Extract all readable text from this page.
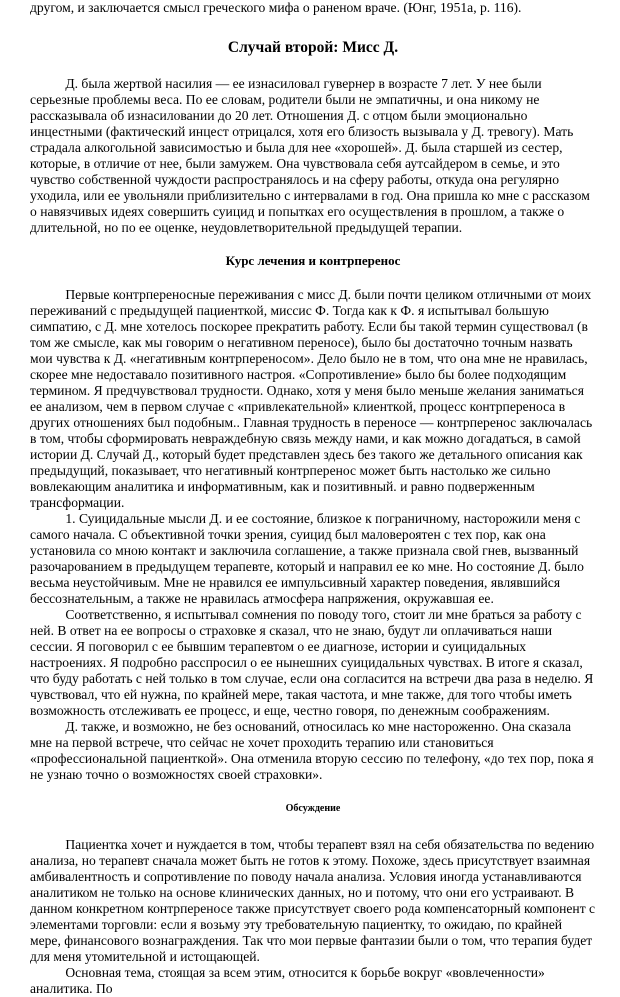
другом, и заключается смысл греческого мифа о раненом враче. (Юнг, 1951а, р. 116).

Случай второй: Мисс Д.

Д. была жертвой насилия — ее изнасиловал гувернер в возрасте 7 лет. У нее были серьезные проблемы веса. По ее словам, родители были не эмпатичны, и она никому не рассказывала об изнасиловании до 20 лет. Отношения Д. с отцом были эмоционально инцестными (фактический инцест отрицался, хотя его близость вызывала у Д. тревогу). Мать страдала алкогольной зависимостью и была для нее «хорошей». Д. была старшей из сестер, которые, в отличие от нее, были замужем. Она чувствовала себя аутсайдером в семье, и это чувство собственной чуждости распространялось и на сферу работы, откуда она регулярно уходила, или ее увольняли приблизительно с интервалами в год. Она пришла ко мне с рассказом о навязчивых идеях совершить суицид и попытках его осуществления в прошлом, а также о длительной, но по ее оценке, неудовлетворительной предыдущей терапии.

Курс лечения и контрперенос

Первые контрпереносные переживания с мисс Д. были почти целиком отличными от моих переживаний с предыдущей пациенткой, миссис Ф. Тогда как к Ф. я испытывал большую симпатию, с Д. мне хотелось поскорее прекратить работу. Если бы такой термин существовал (в том же смысле, как мы говорим о негативном переносе), было бы достаточно точным назвать мои чувства к Д. «негативным контрпереносом». Дело было не в том, что она мне не нравилась, скорее мне недоставало позитивного настроя. «Сопротивление» было бы более подходящим термином. Я предчувствовал трудности. Однако, хотя у меня было меньше желания заниматься ее анализом, чем в первом случае с «привлекательной» клиенткой, процесс контрпереноса в других отношениях был подобным.. Главная трудность в переносе — контрперенос заключалась в том, чтобы сформировать невраждебную связь между нами, и как можно догадаться, в самой истории Д. Случай Д., который будет представлен здесь без такого же детального описания как предыдущий, показывает, что негативный контрперенос может быть настолько же сильно вовлекающим аналитика и информативным, как и позитивный. и равно подверженным трансформации.

1. Суицидальные мысли Д. и ее состояние, близкое к пограничному, насторожили меня с самого начала. С объективной точки зрения, суицид был маловероятен с тех пор, как она установила со мною контакт и заключила соглашение, а также признала свой гнев, вызванный разочарованием в предыдущем терапевте, который и направил ее ко мне. Но состояние Д. было весьма неустойчивым. Мне не нравился ее импульсивный характер поведения, являвшийся бессознательным, а также не нравилась атмосфера напряжения, окружавшая ее.

Соответственно, я испытывал сомнения по поводу того, стоит ли мне браться за работу с ней. В ответ на ее вопросы о страховке я сказал, что не знаю, будут ли оплачиваться наши сессии. Я поговорил с ее бывшим терапевтом о ее диагнозе, истории и суицидальных настроениях. Я подробно расспросил о ее нынешних суицидальных чувствах. В итоге я сказал, что буду работать с ней только в том случае, если она согласится на встречи два раза в неделю. Я чувствовал, что ей нужна, по крайней мере, такая частота, и мне также, для того чтобы иметь возможность отслеживать ее процесс, и еще, честно говоря, по денежным соображениям.

Д. также, и возможно, не без оснований, относилась ко мне настороженно. Она сказала мне на первой встрече, что сейчас не хочет проходить терапию или становиться «профессиональной пациенткой». Она отменила вторую сессию по телефону, «до тех пор, пока я не узнаю точно о возможностях своей страховки».

Обсуждение

Пациентка хочет и нуждается в том, чтобы терапевт взял на себя обязательства по ведению анализа, но терапевт сначала может быть не готов к этому. Похоже, здесь присутствует взаимная амбивалентность и сопротивление по поводу начала анализа. Условия иногда устанавливаются аналитиком не только на основе клинических данных, но и потому, что они его устраивают. В данном конкретном контрпереносе также присутствует своего рода компенсаторный компонент с элементами торговли: если я возьму эту требовательную пациентку, то ожидаю, по крайней мере, финансового вознаграждения. Так что мои первые фантазии были о том, что терапия будет для меня утомительной и истощающей.

Основная тема, стоящая за всем этим, относится к борьбе вокруг «вовлеченности» аналитика. По
